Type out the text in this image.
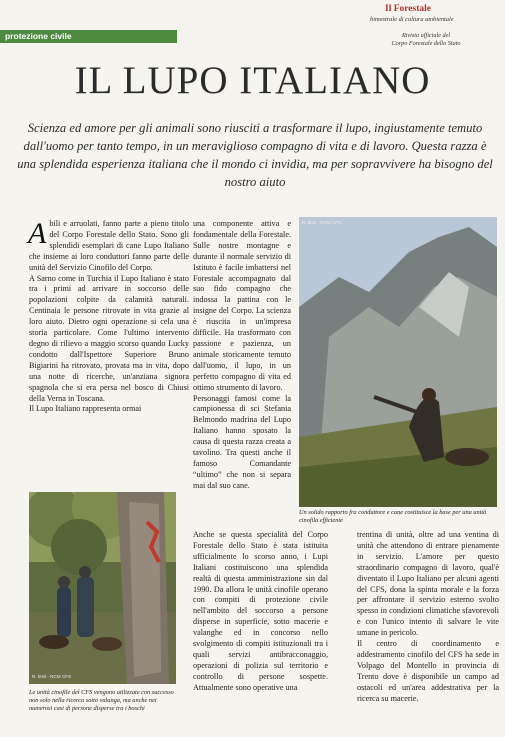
Il Forestale
bimestrale di cultura ambientale
Rivista ufficiale del
Corpo Forestale dello Stato
protezione civile
IL LUPO ITALIANO
Scienza ed amore per gli animali sono riusciti a trasformare il lupo, ingiustamente temuto dall'uomo per tanto tempo, in un meraviglioso compagno di vita e di lavoro. Questa razza è una splendida esperienza italiana che il mondo ci invidia, ma per sopravvivere ha bisogno del nostro aiuto
A bili e arruolati, fanno parte a pieno titolo del Corpo Forestale dello Stato. Sono gli splendidi esemplari di cane Lupo Italiano che insieme ai loro conduttori fanno parte delle unità del Servizio Cinofilo del Corpo.

A Sarno come in Turchia il Lupo Italiano è stato tra i primi ad arrivare in soccorso delle popolazioni colpite da calamità naturali. Centinaia le persone ritrovate in vita grazie al loro aiuto. Dietro ogni operazione si cela una storia particolare. Come l'ultimo intervento degno di rilievo a maggio scorso quando Lucky condotto dall'Ispettore Superiore Bruno Bigiarini ha ritrovato, provata ma in vita, dopo una notte di ricerche, un'anziana signora spagnola che si era persa nel bosco di Chiusi della Verna in Toscana.

Il Lupo Italiano rappresenta ormai

R. lesti - NCM CFS
Le unità cinofile del CFS vengono utilizzate con successo non solo nella ricerca sotto valanga, ma anche nei numerosi casi di persone disperse tra i boschi

una componente attiva e fondamentale della Forestale. Sulle nostre montagne e durante il normale servizio di Istituto è facile imbattersi nel Forestale accompagnato dal suo fido compagno che indossa la pattina con le insigne del Corpo. La scienza è riuscita in un'impresa difficile. Ha trasformato con passione e pazienza, un animale storicamente temuto dall'uomo, il lupo, in un perfetto compagno di vita ed ottimo strumento di lavoro.

Personaggi famosi come la campionessa di sci Stefania Belmondo madrina del Lupo Italiano hanno sposato la causa di questa razza creata a tavolino. Tra questi anche il famoso Comandante “ultimo” che non si separa mai dal suo cane.

R. lesti - NCM CFS
Un solido rapporto fra conduttore e cane costituisce la base per una unità cinofila efficiente

Anche se questa specialità del Corpo Forestale dello Stato è stata istituita ufficialmente lo scorso anno, i Lupi Italiani costituiscono una splendida realtà di questa amministrazione sin dal 1990. Da allora le unità cinofile operano con compiti di protezione civile nell'ambito del soccorso a persone disperse in superficie, sotto macerie e valanghe ed in concorso nello svolgimento di compiti istituzionali tra i quali servizi antibracconaggio, operazioni di polizia sul territorio e controllo di persone sospette. Attualmente sono operative una

trentina di unità, oltre ad una ventina di unità che attendono di entrare pienamente in servizio. L'amore per questo straordinario compagno di lavoro, qual'è diventato il Lupo Italiano per alcuni agenti del CFS, dona la spinta morale e la forza per affrontare il servizio esterno svolto spesso in condizioni climatiche sfavorevoli e con l'unico intento di salvare le vite umane in pericolo.

Il centro di coordinamento e addestramento cinofilo del CFS ha sede in Volpago del Montello in provincia di Trento dove è disponibile un campo ad ostacoli ed un'area addestrativa per la ricerca su macerie.
